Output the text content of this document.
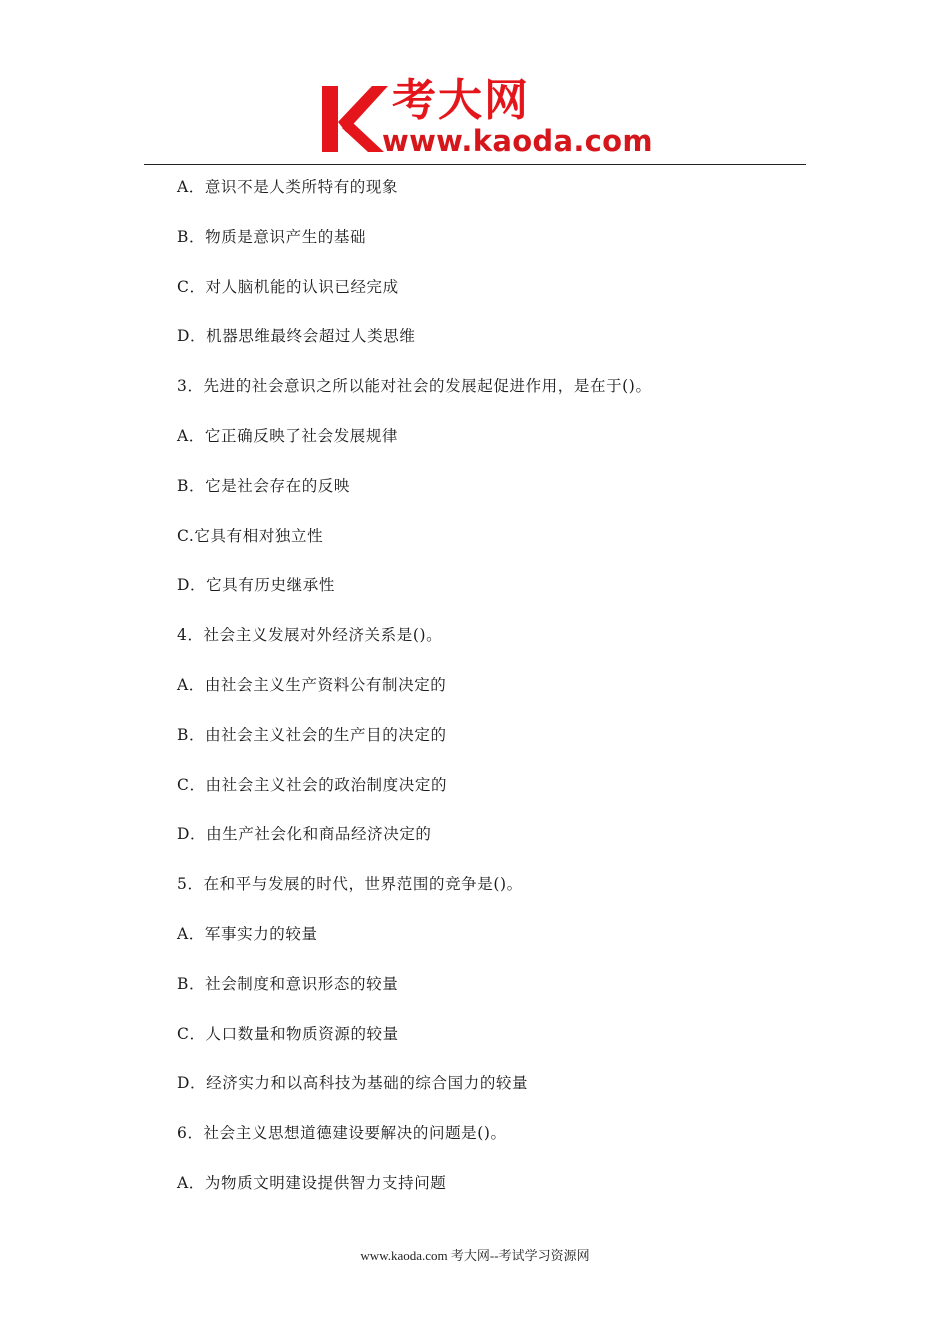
考大网
www.kaoda.com
A．意识不是人类所特有的现象
B．物质是意识产生的基础
C．对人脑机能的认识已经完成
D．机器思维最终会超过人类思维
3．先进的社会意识之所以能对社会的发展起促进作用，是在于()。
A．它正确反映了社会发展规律
B．它是社会存在的反映
C.它具有相对独立性
D．它具有历史继承性
4．社会主义发展对外经济关系是()。
A．由社会主义生产资料公有制决定的
B．由社会主义社会的生产目的决定的
C．由社会主义社会的政治制度决定的
D．由生产社会化和商品经济决定的
5．在和平与发展的时代，世界范围的竞争是()。
A．军事实力的较量
B．社会制度和意识形态的较量
C．人口数量和物质资源的较量
D．经济实力和以高科技为基础的综合国力的较量
6．社会主义思想道德建设要解决的问题是()。
A．为物质文明建设提供智力支持问题
www.kaoda.com 考大网--考试学习资源网
